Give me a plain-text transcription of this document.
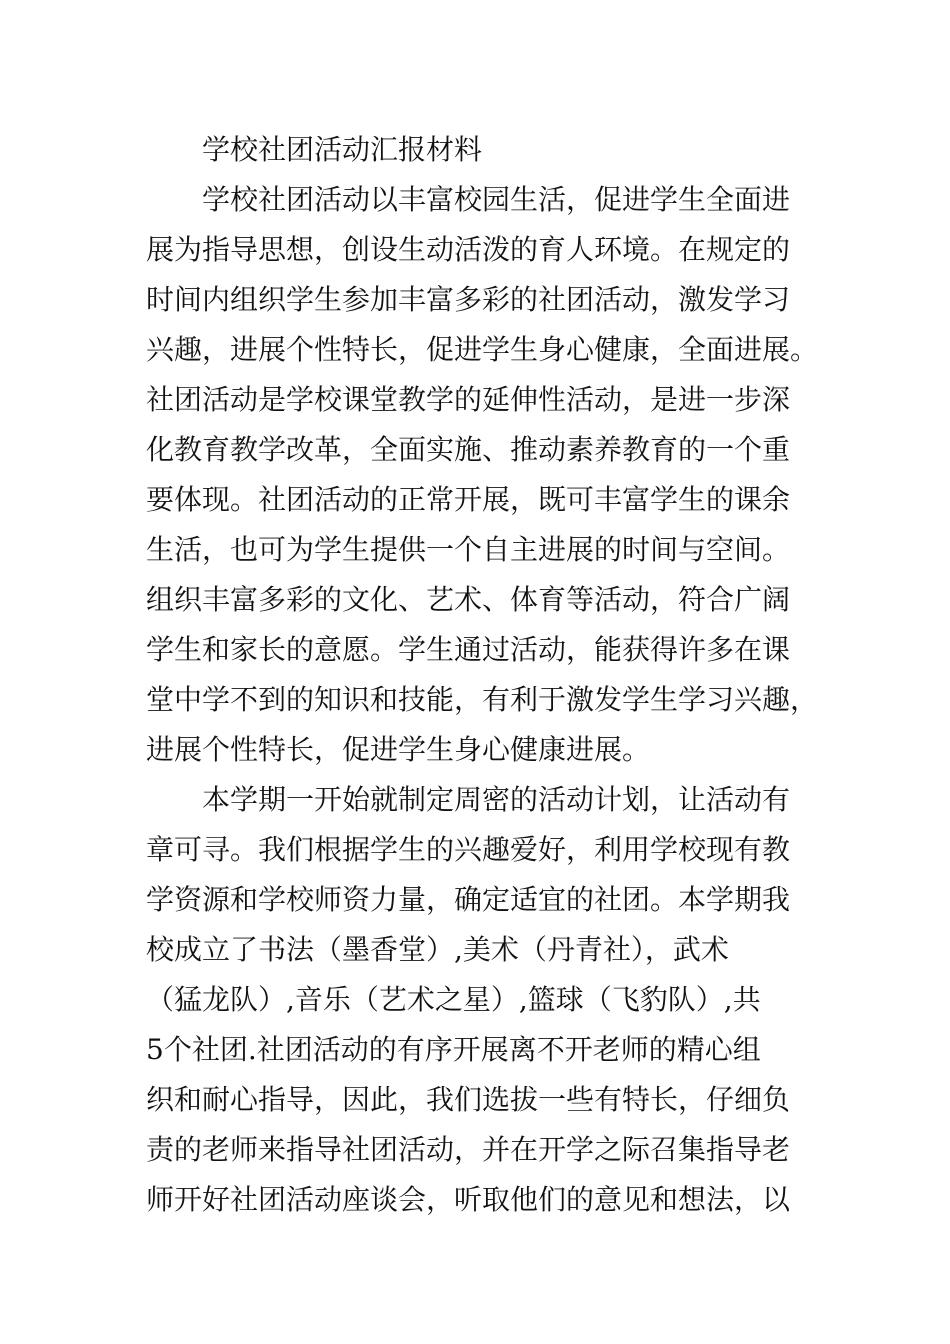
学校社团活动汇报材料
学校社团活动以丰富校园生活，促进学生全面进
展为指导思想，创设生动活泼的育人环境。在规定的
时间内组织学生参加丰富多彩的社团活动，激发学习
兴趣，进展个性特长，促进学生身心健康，全面进展。
社团活动是学校课堂教学的延伸性活动，是进一步深
化教育教学改革，全面实施、推动素养教育的一个重
要体现。社团活动的正常开展，既可丰富学生的课余
生活，也可为学生提供一个自主进展的时间与空间。
组织丰富多彩的文化、艺术、体育等活动，符合广阔
学生和家长的意愿。学生通过活动，能获得许多在课
堂中学不到的知识和技能，有利于激发学生学习兴趣，
进展个性特长，促进学生身心健康进展。
本学期一开始就制定周密的活动计划，让活动有
章可寻。我们根据学生的兴趣爱好，利用学校现有教
学资源和学校师资力量，确定适宜的社团。本学期我
校成立了书法（墨香堂）,美术（丹青社），武术
（猛龙队）,音乐（艺术之星）,篮球（飞豹队）,共
5个社团.社团活动的有序开展离不开老师的精心组
织和耐心指导，因此，我们选拔一些有特长，仔细负
责的老师来指导社团活动，并在开学之际召集指导老
师开好社团活动座谈会，听取他们的意见和想法，以
